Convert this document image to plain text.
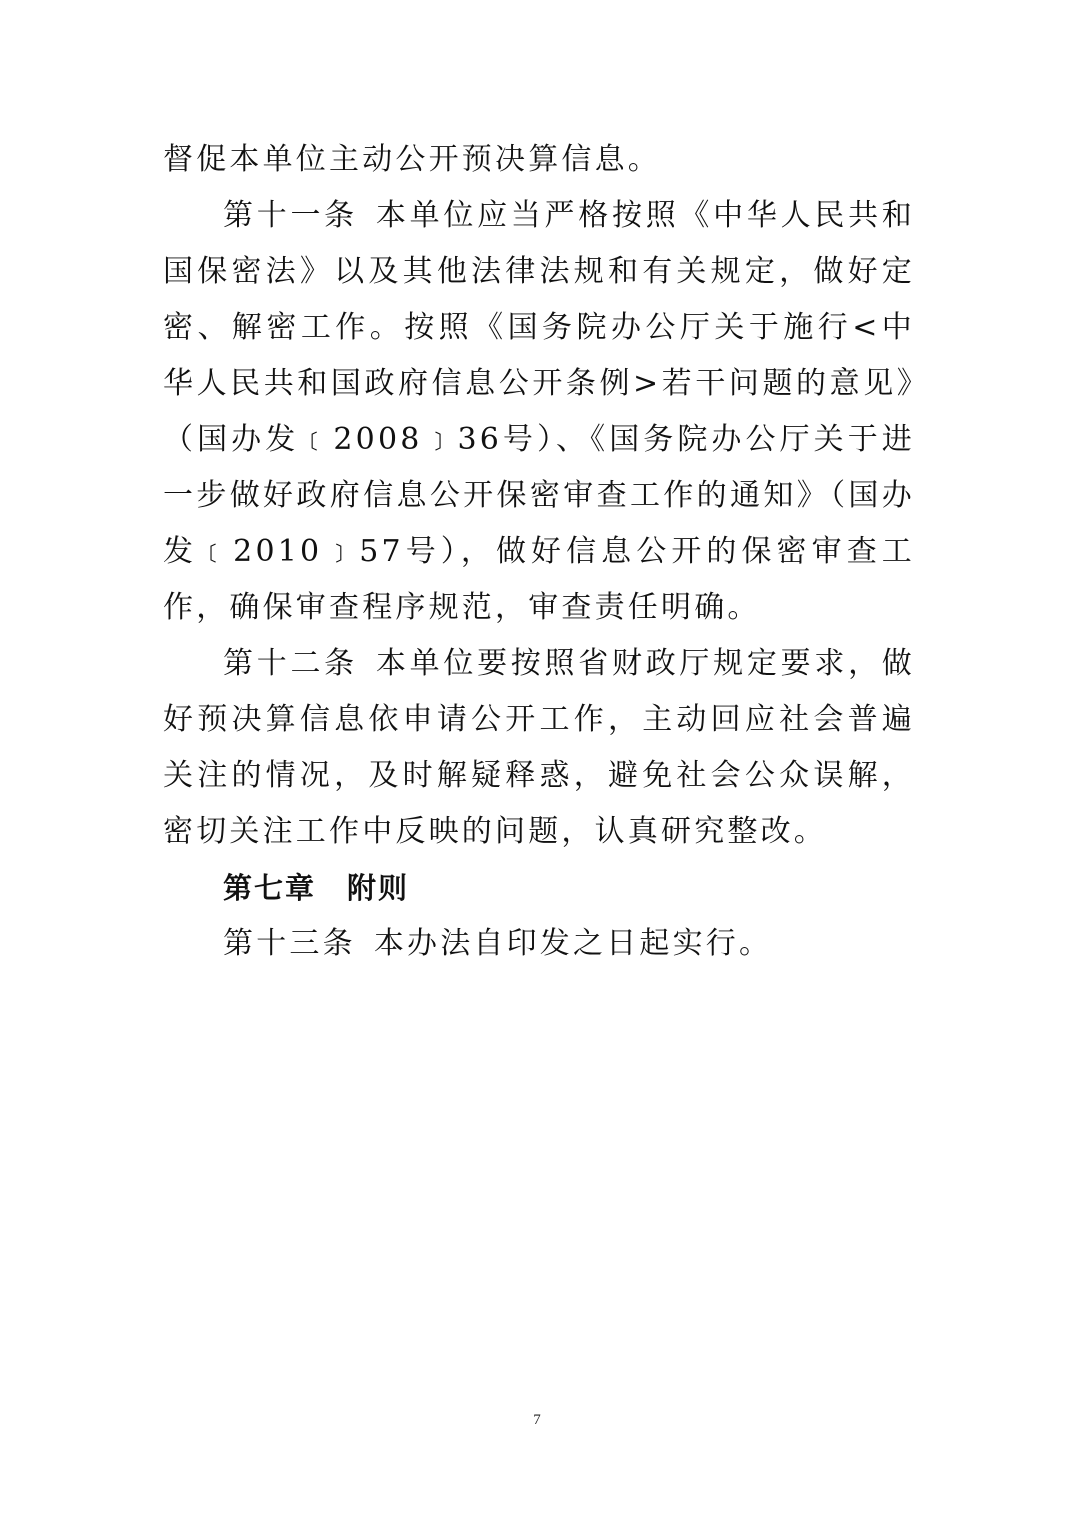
督促本单位主动公开预决算信息。

第十一条 本单位应当严格按照《中华人民共和国保密法》以及其他法律法规和有关规定，做好定密、解密工作。按照《国务院办公厅关于施行<中华人民共和国政府信息公开条例>若干问题的意见》（国办发﹝2008﹞36号）、《国务院办公厅关于进一步做好政府信息公开保密审查工作的通知》（国办发﹝2010﹞57号），做好信息公开的保密审查工作，确保审查程序规范，审查责任明确。

第十二条 本单位要按照省财政厅规定要求，做好预决算信息依申请公开工作，主动回应社会普遍关注的情况，及时解疑释惑，避免社会公众误解，密切关注工作中反映的问题，认真研究整改。

第七章　附则

第十三条 本办法自印发之日起实行。

7
